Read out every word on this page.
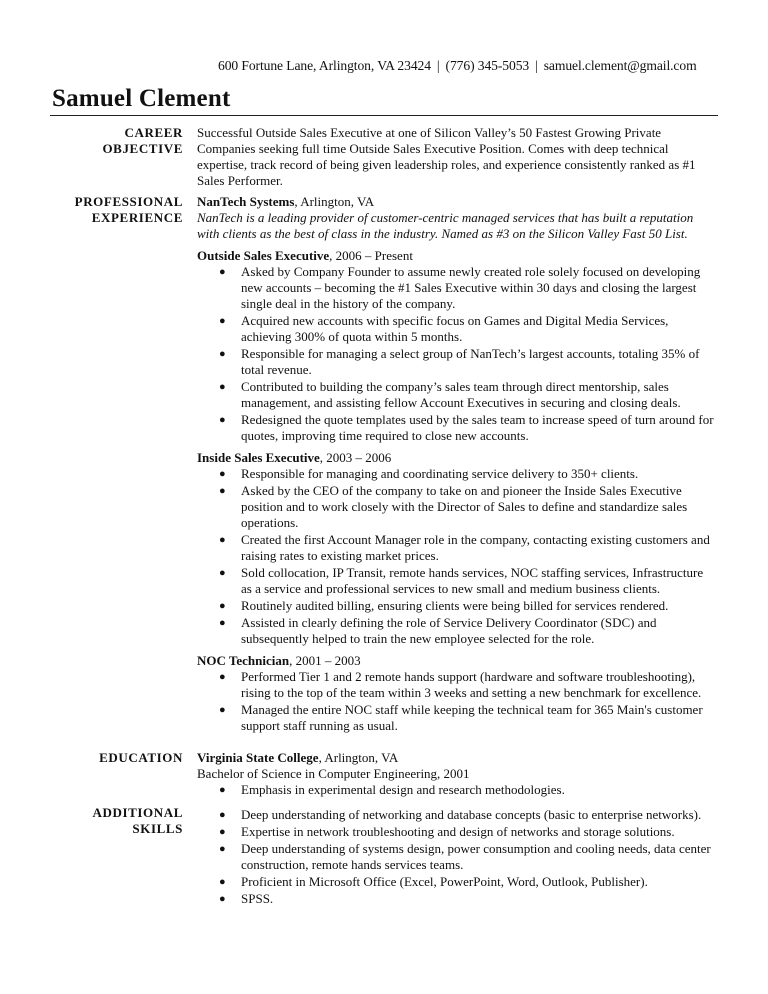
600 Fortune Lane, Arlington, VA 23424 | (776) 345-5053 | samuel.clement@gmail.com
Samuel Clement
CAREER
OBJECTIVE

Successful Outside Sales Executive at one of Silicon Valley’s 50 Fastest Growing Private Companies seeking full time Outside Sales Executive Position. Comes with deep technical expertise, track record of being given leadership roles, and experience consistently ranked as #1 Sales Performer.

PROFESSIONAL
EXPERIENCE
NanTech Systems, Arlington, VA

NanTech is a leading provider of customer-centric managed services that has built a reputation with clients as the best of class in the industry. Named as #3 on the Silicon Valley Fast 50 List.

Outside Sales Executive, 2006 – Present
● Asked by Company Founder to assume newly created role solely focused on developing new accounts – becoming the #1 Sales Executive within 30 days and closing the largest single deal in the history of the company.
● Acquired new accounts with specific focus on Games and Digital Media Services, achieving 300% of quota within 5 months.
● Responsible for managing a select group of NanTech’s largest accounts, totaling 35% of total revenue.
● Contributed to building the company’s sales team through direct mentorship, sales management, and assisting fellow Account Executives in securing and closing deals.
● Redesigned the quote templates used by the sales team to increase speed of turn around for quotes, improving time required to close new accounts.
Inside Sales Executive, 2003 – 2006
● Responsible for managing and coordinating service delivery to 350+ clients.
● Asked by the CEO of the company to take on and pioneer the Inside Sales Executive position and to work closely with the Director of Sales to define and standardize sales operations.
● Created the first Account Manager role in the company, contacting existing customers and raising rates to existing market prices.
● Sold collocation, IP Transit, remote hands services, NOC staffing services, Infrastructure as a service and professional services to new small and medium business clients.
● Routinely audited billing, ensuring clients were being billed for services rendered.
● Assisted in clearly defining the role of Service Delivery Coordinator (SDC) and subsequently helped to train the new employee selected for the role.
NOC Technician, 2001 – 2003
● Performed Tier 1 and 2 remote hands support (hardware and software troubleshooting), rising to the top of the team within 3 weeks and setting a new benchmark for excellence.
● Managed the entire NOC staff while keeping the technical team for 365 Main's customer support staff running as usual.
EDUCATION Virginia State College, Arlington, VA
Bachelor of Science in Computer Engineering, 2001
● Emphasis in experimental design and research methodologies.
ADDITIONAL
SKILLS
● Deep understanding of networking and database concepts (basic to enterprise networks).
● Expertise in network troubleshooting and design of networks and storage solutions.
● Deep understanding of systems design, power consumption and cooling needs, data center construction, remote hands services teams.
● Proficient in Microsoft Office (Excel, PowerPoint, Word, Outlook, Publisher).
● SPSS.
